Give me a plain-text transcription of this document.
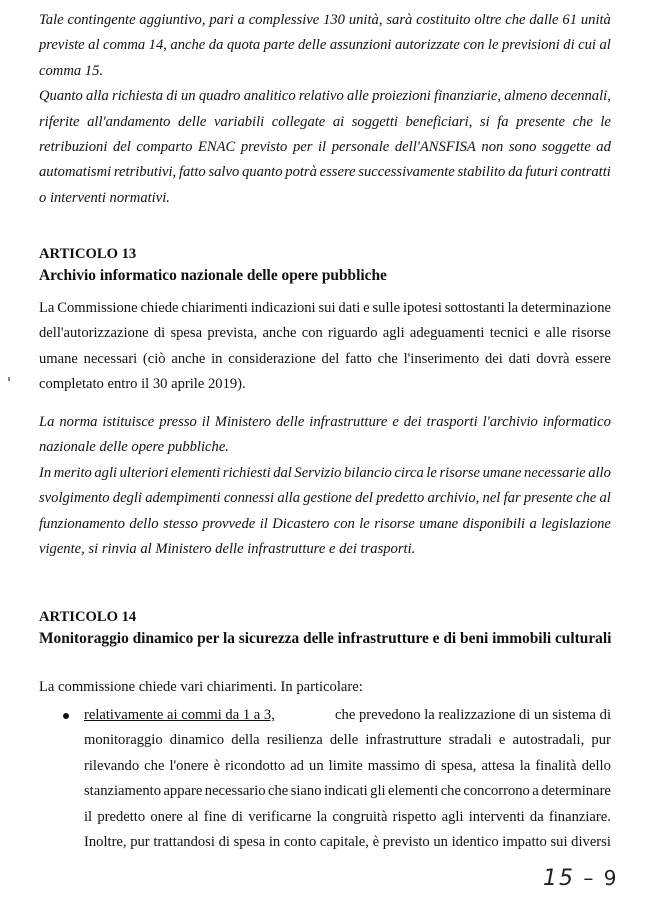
Tale contingente aggiuntivo, pari a complessive 130 unità, sarà costituito oltre che dalle 61 unità
previste al comma 14, anche da quota parte delle assunzioni autorizzate con le previsioni di cui al
comma 15.
Quanto alla richiesta di un quadro analitico relativo alle proiezioni finanziarie, almeno decennali,
riferite all'andamento delle variabili collegate ai soggetti beneficiari, si fa presente che le
retribuzioni del comparto ENAC previsto per il personale dell'ANSFISA non sono soggette ad
automatismi retributivi, fatto salvo quanto potrà essere successivamente stabilito da futuri contratti
o interventi normativi.
ARTICOLO 13
Archivio informatico nazionale delle opere pubbliche
La Commissione chiede chiarimenti indicazioni sui dati e sulle ipotesi sottostanti la determinazione
dell'autorizzazione di spesa prevista, anche con riguardo agli adeguamenti tecnici e alle risorse
umane necessari (ciò anche in considerazione del fatto che l'inserimento dei dati dovrà essere
completato entro il 30 aprile 2019).
La norma istituisce presso il Ministero delle infrastrutture e dei trasporti l'archivio informatico
nazionale delle opere pubbliche.
In merito agli ulteriori elementi richiesti dal Servizio bilancio circa le risorse umane necessarie allo
svolgimento degli adempimenti connessi alla gestione del predetto archivio, nel far presente che al
funzionamento dello stesso provvede il Dicastero con le risorse umane disponibili a legislazione
vigente, si rinvia al Ministero delle infrastrutture e dei trasporti.
ARTICOLO 14
Monitoraggio dinamico per la sicurezza delle infrastrutture e di beni immobili culturali
La commissione chiede vari chiarimenti. In particolare:
relativamente ai commi da 1 a 3,	che prevedono la realizzazione di un sistema di
monitoraggio dinamico della resilienza delle infrastrutture stradali e autostradali, pur
rilevando che l'onere è ricondotto ad un limite massimo di spesa, attesa la finalità dello
stanziamento appare necessario che siano indicati gli elementi che concorrono a determinare
il predetto onere al fine di verificarne la congruità rispetto agli interventi da finanziare.
Inoltre, pur trattandosi di spesa in conto capitale, è previsto un identico impatto sui diversi
15 – 9
